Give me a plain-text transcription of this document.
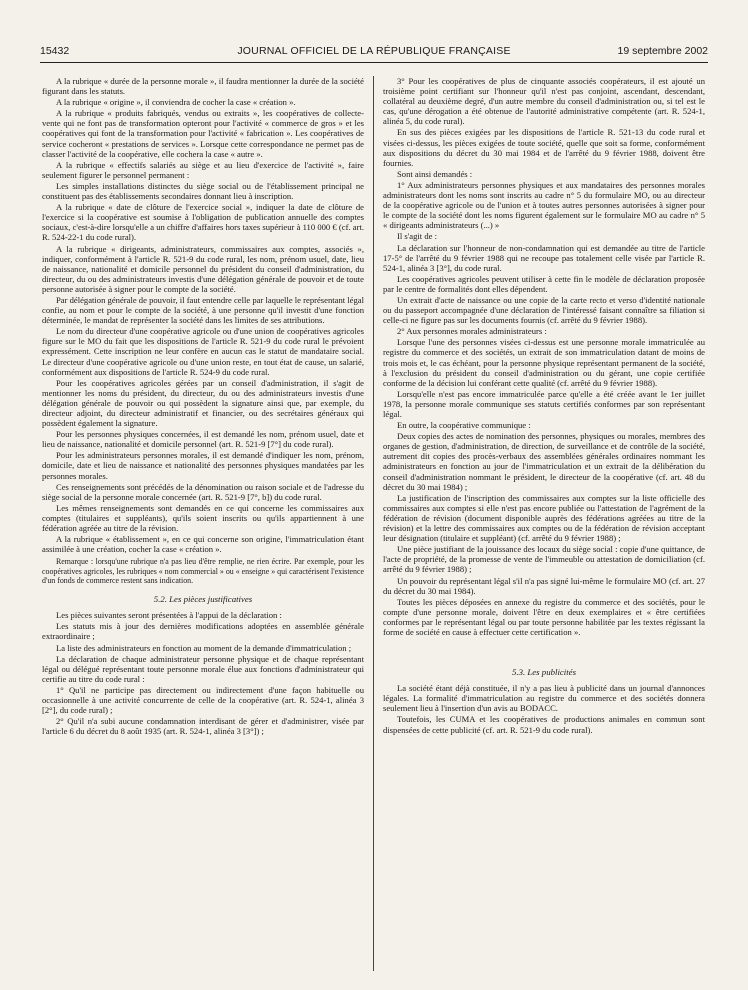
15432	JOURNAL OFFICIEL DE LA RÉPUBLIQUE FRANÇAISE	19 septembre 2002

A la rubrique « durée de la personne morale », il faudra mentionner la durée de la société figurant dans les statuts.

A la rubrique « origine », il conviendra de cocher la case « création ».

A la rubrique « produits fabriqués, vendus ou extraits », les coopératives de collecte-vente qui ne font pas de transformation opteront pour l'activité « commerce de gros » et les coopératives qui font de la transformation pour l'activité « fabrication ». Les coopératives de service cocheront « prestations de services ». Lorsque cette correspondance ne permet pas de classer l'activité de la coopérative, elle cochera la case « autre ».

A la rubrique « effectifs salariés au siège et au lieu d'exercice de l'activité », faire seulement figurer le personnel permanent :

Les simples installations distinctes du siège social ou de l'établissement principal ne constituent pas des établissements secondaires donnant lieu à inscription.

A la rubrique « date de clôture de l'exercice social », indiquer la date de clôture de l'exercice si la coopérative est soumise à l'obligation de publication annuelle des comptes sociaux, c'est-à-dire lorsqu'elle a un chiffre d'affaires hors taxes supérieur à 110 000 € (cf. art. R. 524-22-1 du code rural).

A la rubrique « dirigeants, administrateurs, commissaires aux comptes, associés », indiquer, conformément à l'article R. 521-9 du code rural, les nom, prénom usuel, date, lieu de naissance, nationalité et domicile personnel du président du conseil d'administration, du directeur, du ou des administrateurs investis d'une délégation générale de pouvoir et de toute personne autorisée à signer pour le compte de la société.

Par délégation générale de pouvoir, il faut entendre celle par laquelle le représentant légal confie, au nom et pour le compte de la société, à une personne qu'il investit d'une fonction déterminée, le mandat de représenter la société dans les limites de ses attributions.

Le nom du directeur d'une coopérative agricole ou d'une union de coopératives agricoles figure sur le MO du fait que les dispositions de l'article R. 521-9 du code rural le prévoient expressément. Cette inscription ne leur confère en aucun cas le statut de mandataire social. Le directeur d'une coopérative agricole ou d'une union reste, en tout état de cause, un salarié, conformément aux dispositions de l'article R. 524-9 du code rural.

Pour les coopératives agricoles gérées par un conseil d'administration, il s'agit de mentionner les noms du président, du directeur, du ou des administrateurs investis d'une délégation générale de pouvoir ou qui possèdent la signature ainsi que, par exemple, du directeur adjoint, du directeur administratif et financier, ou des secrétaires généraux qui possèdent également la signature.

Pour les personnes physiques concernées, il est demandé les nom, prénom usuel, date et lieu de naissance, nationalité et domicile personnel (art. R. 521-9 [7°] du code rural).

Pour les administrateurs personnes morales, il est demandé d'indiquer les nom, prénom, domicile, date et lieu de naissance et nationalité des personnes physiques mandatées par les personnes morales.

Ces renseignements sont précédés de la dénomination ou raison sociale et de l'adresse du siège social de la personne morale concernée (art. R. 521-9 [7°, b]) du code rural.

Les mêmes renseignements sont demandés en ce qui concerne les commissaires aux comptes (titulaires et suppléants), qu'ils soient inscrits ou qu'ils appartiennent à une fédération agréée au titre de la révision.

A la rubrique « établissement », en ce qui concerne son origine, l'immatriculation étant assimilée à une création, cocher la case « création ».

Remarque : lorsqu'une rubrique n'a pas lieu d'être remplie, ne rien écrire. Par exemple, pour les coopératives agricoles, les rubriques « nom commercial » ou « enseigne » qui caractérisent l'existence d'un fonds de commerce restent sans indication.

5.2. Les pièces justificatives

Les pièces suivantes seront présentées à l'appui de la déclaration :

Les statuts mis à jour des dernières modifications adoptées en assemblée générale extraordinaire ;

La liste des administrateurs en fonction au moment de la demande d'immatriculation ;

La déclaration de chaque administrateur personne physique et de chaque représentant légal ou délégué représentant toute personne morale élue aux fonctions d'administrateur qui certifie au titre du code rural :

1° Qu'il ne participe pas directement ou indirectement d'une façon habituelle ou occasionnelle à une activité concurrente de celle de la coopérative (art. R. 524-1, alinéa 3 [2°], du code rural) ;

2° Qu'il n'a subi aucune condamnation interdisant de gérer et d'administrer, visée par l'article 6 du décret du 8 août 1935 (art. R. 524-1, alinéa 3 [3°]) ;

3° Pour les coopératives de plus de cinquante associés coopérateurs, il est ajouté un troisième point certifiant sur l'honneur qu'il n'est pas conjoint, ascendant, descendant, collatéral au deuxième degré, d'un autre membre du conseil d'administration ou, si tel est le cas, qu'une dérogation a été obtenue de l'autorité administrative compétente (art. R. 524-1, alinéa 5, du code rural).

En sus des pièces exigées par les dispositions de l'article R. 521-13 du code rural et visées ci-dessus, les pièces exigées de toute société, quelle que soit sa forme, conformément aux dispositions du décret du 30 mai 1984 et de l'arrêté du 9 février 1988, doivent être fournies.

Sont ainsi demandés :

1° Aux administrateurs personnes physiques et aux mandataires des personnes morales administrateurs dont les noms sont inscrits au cadre n° 5 du formulaire MO, ou au directeur de la coopérative agricole ou de l'union et à toutes autres personnes autorisées à signer pour le compte de la société dont les noms figurent également sur le formulaire MO au cadre n° 5 « dirigeants administrateurs (...) »

Il s'agit de :

La déclaration sur l'honneur de non-condamnation qui est demandée au titre de l'article 17-5° de l'arrêté du 9 février 1988 qui ne recoupe pas totalement celle visée par l'article R. 524-1, alinéa 3 [3°], du code rural.

Les coopératives agricoles peuvent utiliser à cette fin le modèle de déclaration proposée par le centre de formalités dont elles dépendent.

Un extrait d'acte de naissance ou une copie de la carte recto et verso d'identité nationale ou du passeport accompagnée d'une déclaration de l'intéressé faisant connaître sa filiation si celle-ci ne figure pas sur les documents fournis (cf. arrêté du 9 février 1988).

2° Aux personnes morales administrateurs :

Lorsque l'une des personnes visées ci-dessus est une personne morale immatriculée au registre du commerce et des sociétés, un extrait de son immatriculation datant de moins de trois mois et, le cas échéant, pour la personne physique représentant permanent de la société, à l'exclusion du président du conseil d'administration ou du gérant, une copie certifiée conforme de la décision lui conférant cette qualité (cf. arrêté du 9 février 1988).

Lorsqu'elle n'est pas encore immatriculée parce qu'elle a été créée avant le 1er juillet 1978, la personne morale communique ses statuts certifiés conformes par son représentant légal.

En outre, la coopérative communique :

Deux copies des actes de nomination des personnes, physiques ou morales, membres des organes de gestion, d'administration, de direction, de surveillance et de contrôle de la société, autrement dit copies des procès-verbaux des assemblées générales ordinaires nommant les administrateurs en fonction au jour de l'immatriculation et un extrait de la délibération du conseil d'administration nommant le président, le directeur de la coopérative (cf. art. 48 du décret du 30 mai 1984) ;

La justification de l'inscription des commissaires aux comptes sur la liste officielle des commissaires aux comptes si elle n'est pas encore publiée ou l'attestation de l'agrément de la fédération de révision (document disponible auprès des fédérations agréées au titre de la révision) et la lettre des commissaires aux comptes ou de la fédération de révision acceptant leur désignation (titulaire et suppléant) (cf. arrêté du 9 février 1988) ;

Une pièce justifiant de la jouissance des locaux du siège social : copie d'une quittance, de l'acte de propriété, de la promesse de vente de l'immeuble ou attestation de domiciliation (cf. arrêté du 9 février 1988) ;

Un pouvoir du représentant légal s'il n'a pas signé lui-même le formulaire MO (cf. art. 27 du décret du 30 mai 1984).

Toutes les pièces déposées en annexe du registre du commerce et des sociétés, pour le compte d'une personne morale, doivent l'être en deux exemplaires et « être certifiées conformes par le représentant légal ou par toute personne habilitée par les textes régissant la forme de société en cause à effectuer cette certification ».

5.3. Les publicités

La société étant déjà constituée, il n'y a pas lieu à publicité dans un journal d'annonces légales. La formalité d'immatriculation au registre du commerce et des sociétés donnera seulement lieu à l'insertion d'un avis au BODACC.

Toutefois, les CUMA et les coopératives de productions animales en commun sont dispensées de cette publicité (cf. art. R. 521-9 du code rural).
